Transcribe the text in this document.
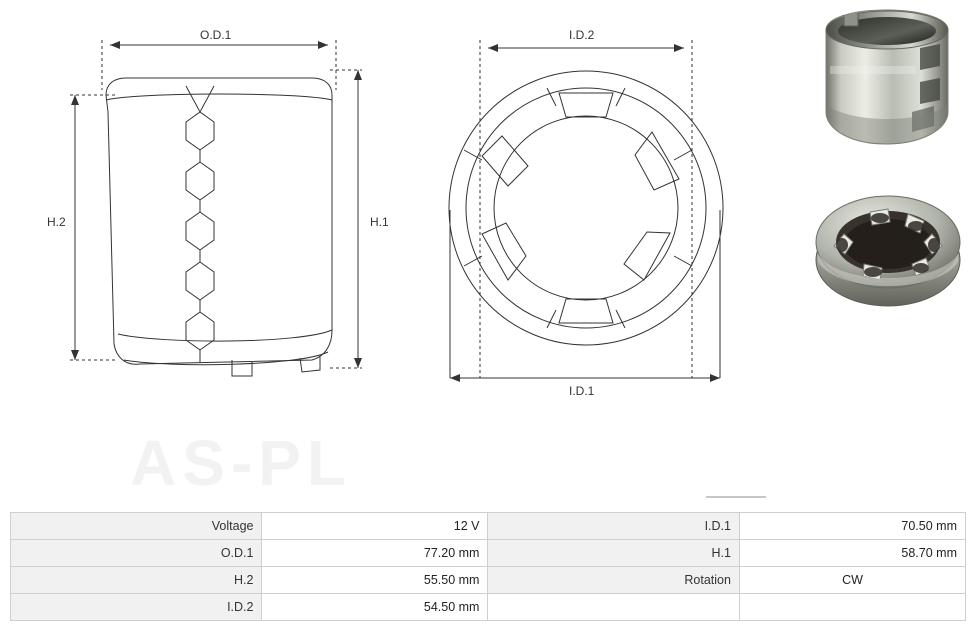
O.D.1
H.2	H.1
I.D.2
I.D.1
AS-PL
Voltage	12 V	I.D.1	70.50 mm
O.D.1	77.20 mm	H.1	58.70 mm
H.2	55.50 mm	Rotation	CW
I.D.2	54.50 mm		
